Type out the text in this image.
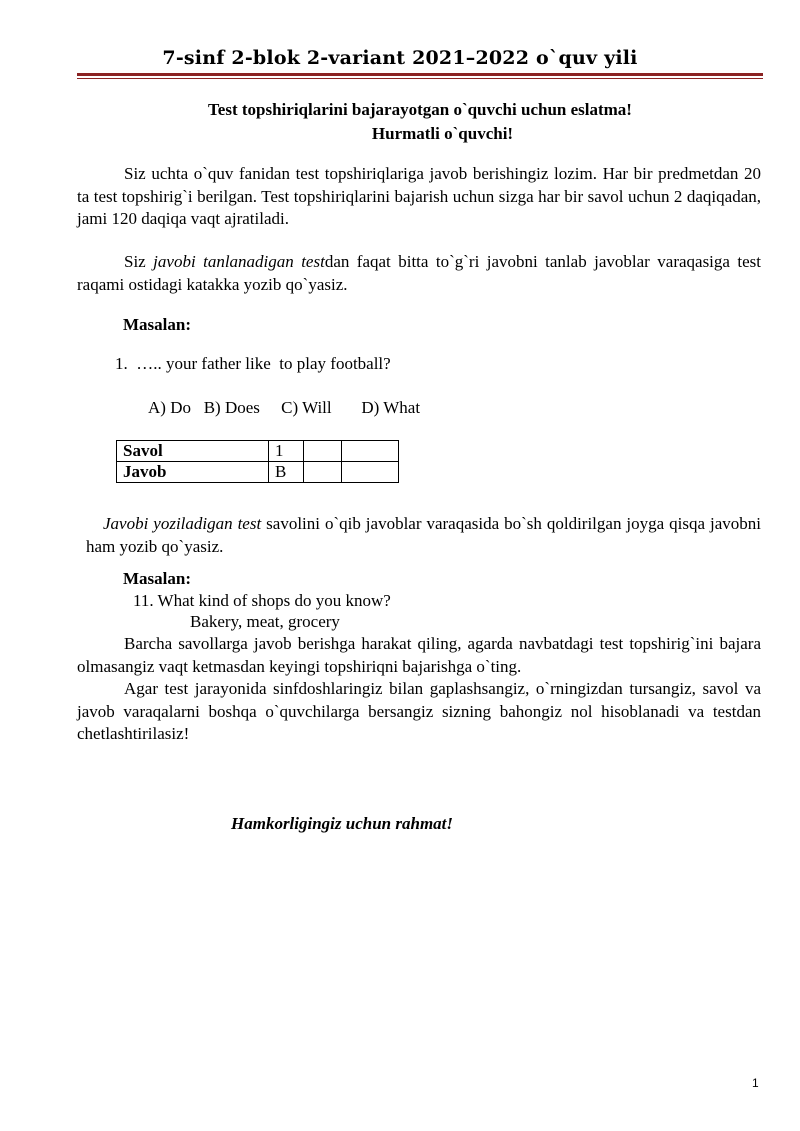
7-sinf 2-blok 2-variant 2021–2022 o`quv yili
Test topshiriqlarini bajarayotgan o`quvchi uchun eslatma!
Hurmatli o`quvchi!
Siz uchta o`quv fanidan test topshiriqlariga javob berishingiz lozim. Har bir predmetdan 20 ta test topshirig`i berilgan. Test topshiriqlarini bajarish uchun sizga har bir savol uchun 2 daqiqadan, jami 120 daqiqa vaqt ajratiladi.
Siz javobi tanlanadigan testdan faqat bitta to`g`ri javobni tanlab javoblar varaqasiga test raqami ostidagi katakka yozib qo`yasiz.
Masalan:
1.  ….. your father like  to play football?
A) Do   B) Does     C) Will       D) What
Savol	1		
Javob	B		
Javobi yoziladigan test savolini o`qib javoblar varaqasida bo`sh qoldirilgan joyga qisqa javobni ham yozib qo`yasiz.
Masalan:
11. What kind of shops do you know?
Bakery, meat, grocery
Barcha savollarga javob berishga harakat qiling, agarda navbatdagi test topshirig`ini bajara olmasangiz vaqt ketmasdan keyingi topshiriqni bajarishga o`ting.
Agar test jarayonida sinfdoshlaringiz bilan gaplashsangiz, o`rningizdan tursangiz, savol va javob varaqalarni boshqa o`quvchilarga bersangiz sizning bahongiz nol hisoblanadi va testdan chetlashtirilasiz!
Hamkorligingiz uchun rahmat!
1
